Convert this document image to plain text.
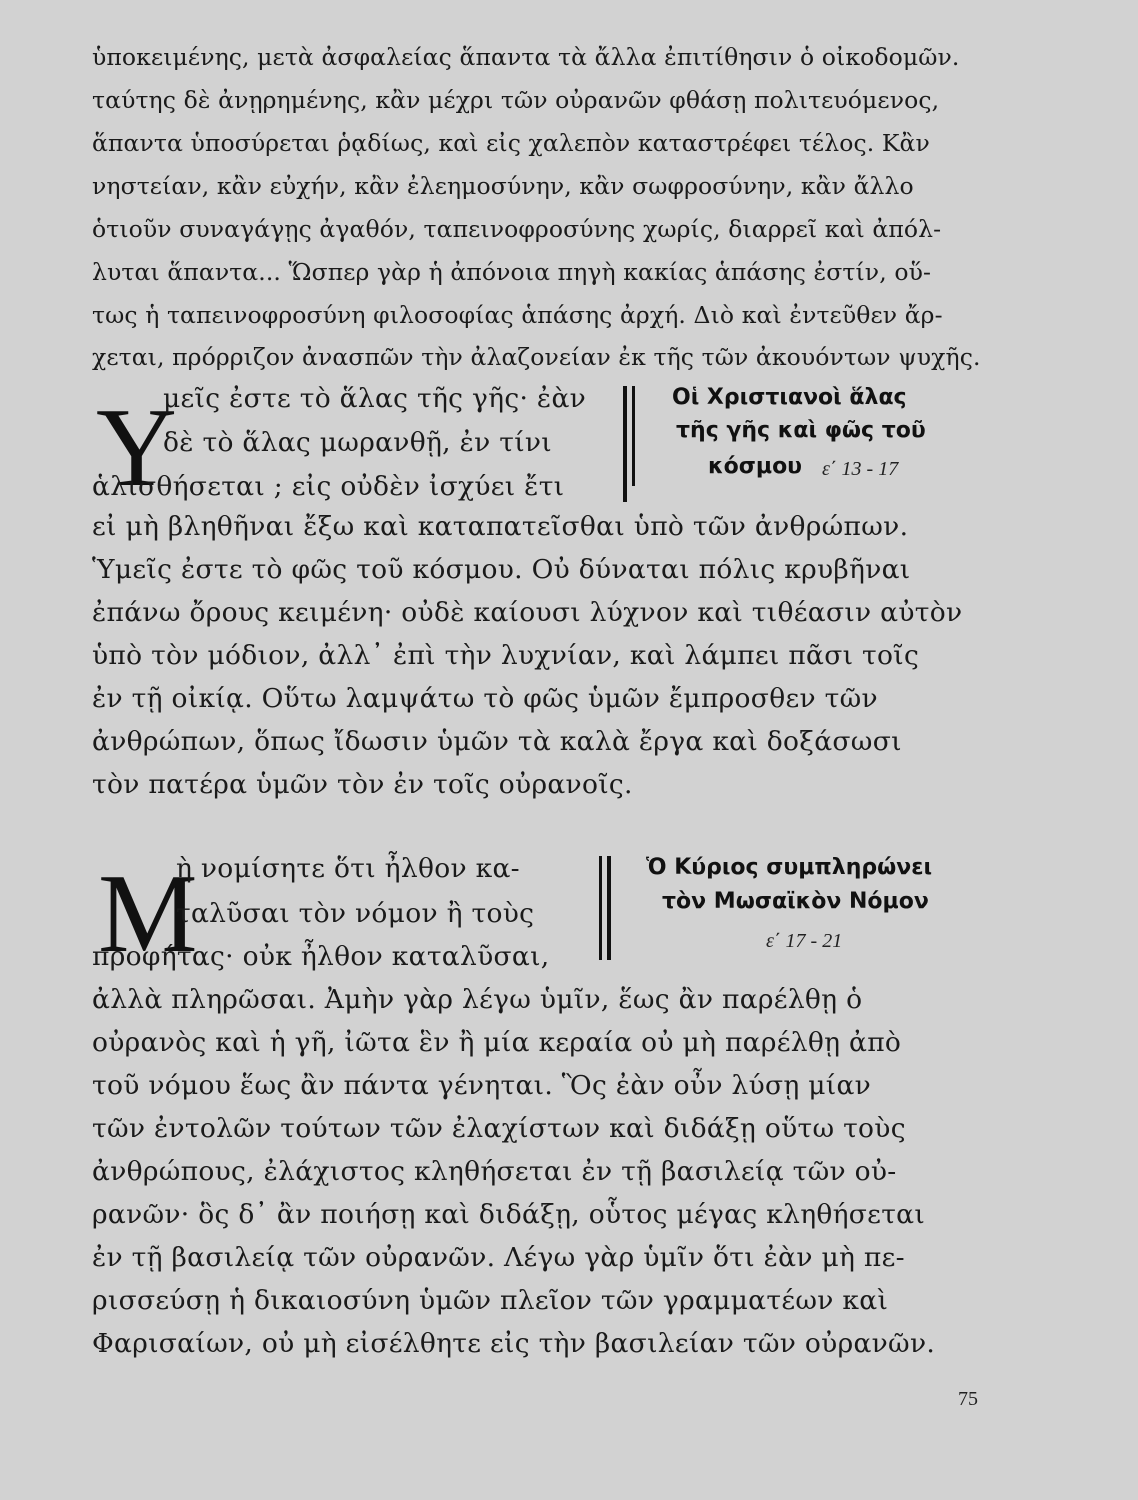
ὑποκειμένης, μετὰ ἀσφαλείας ἅπαντα τὰ ἄλλα ἐπιτίθησιν ὁ οἰκοδομῶν.
ταύτης δὲ ἀνῃρημένης, κἂν μέχρι τῶν οὐρανῶν φθάσῃ πολιτευόμενος,
ἅπαντα ὑποσύρεται ῥᾳδίως, καὶ εἰς χαλεπὸν καταστρέφει τέλος. Κἂν
νηστείαν, κἂν εὐχήν, κἂν ἐλεημοσύνην, κἂν σωφροσύνην, κἂν ἄλλο
ὁτιοῦν συναγάγῃς ἀγαθόν, ταπεινοφροσύνης χωρίς, διαρρεῖ καὶ ἀπόλ-
λυται ἅπαντα... Ὥσπερ γὰρ ἡ ἀπόνοια πηγὴ κακίας ἁπάσης ἐστίν, οὕ-
τως ἡ ταπεινοφροσύνη φιλοσοφίας ἁπάσης ἀρχή. Διὸ καὶ ἐντεῦθεν ἄρ-
χεται, πρόρριζον ἀνασπῶν τὴν ἀλαζονείαν ἐκ τῆς τῶν ἀκουόντων ψυχῆς.
Υ
μεῖς ἐστε τὸ ἅλας τῆς γῆς· ἐὰν
δὲ τὸ ἅλας μωρανθῇ, ἐν τίνι
ἁλισθήσεται ; εἰς οὐδὲν ἰσχύει ἔτι
Οἱ Χριστιανοὶ ἅλας
τῆς γῆς καὶ φῶς τοῦ
κόσμου ε΄ 13 - 17
εἰ μὴ βληθῆναι ἔξω καὶ καταπατεῖσθαι ὑπὸ τῶν ἀνθρώπων.
Ὑμεῖς ἐστε τὸ φῶς τοῦ κόσμου. Οὐ δύναται πόλις κρυβῆναι
ἐπάνω ὄρους κειμένη· οὐδὲ καίουσι λύχνον καὶ τιθέασιν αὐτὸν
ὑπὸ τὸν μόδιον, ἀλλ᾽ ἐπὶ τὴν λυχνίαν, καὶ λάμπει πᾶσι τοῖς
ἐν τῇ οἰκίᾳ. Οὕτω λαμψάτω τὸ φῶς ὑμῶν ἔμπροσθεν τῶν
ἀνθρώπων, ὅπως ἴδωσιν ὑμῶν τὰ καλὰ ἔργα καὶ δοξάσωσι
τὸν πατέρα ὑμῶν τὸν ἐν τοῖς οὐρανοῖς.
Μ
ὴ νομίσητε ὅτι ἦλθον κα-
ταλῦσαι τὸν νόμον ἢ τοὺς
προφήτας· οὐκ ἦλθον καταλῦσαι,
Ὁ Κύριος συμπληρώνει
τὸν Μωσαϊκὸν Νόμον
ε΄ 17 - 21
ἀλλὰ πληρῶσαι. Ἀμὴν γὰρ λέγω ὑμῖν, ἕως ἂν παρέλθῃ ὁ
οὐρανὸς καὶ ἡ γῆ, ἰῶτα ἓν ἢ μία κεραία οὐ μὴ παρέλθῃ ἀπὸ
τοῦ νόμου ἕως ἂν πάντα γένηται. Ὃς ἐὰν οὖν λύσῃ μίαν
τῶν ἐντολῶν τούτων τῶν ἐλαχίστων καὶ διδάξῃ οὕτω τοὺς
ἀνθρώπους, ἐλάχιστος κληθήσεται ἐν τῇ βασιλείᾳ τῶν οὐ-
ρανῶν· ὃς δ᾽ ἂν ποιήσῃ καὶ διδάξῃ, οὗτος μέγας κληθήσεται
ἐν τῇ βασιλείᾳ τῶν οὐρανῶν. Λέγω γὰρ ὑμῖν ὅτι ἐὰν μὴ πε-
ρισσεύσῃ ἡ δικαιοσύνη ὑμῶν πλεῖον τῶν γραμματέων καὶ
Φαρισαίων, οὐ μὴ εἰσέλθητε εἰς τὴν βασιλείαν τῶν οὐρανῶν.
75
